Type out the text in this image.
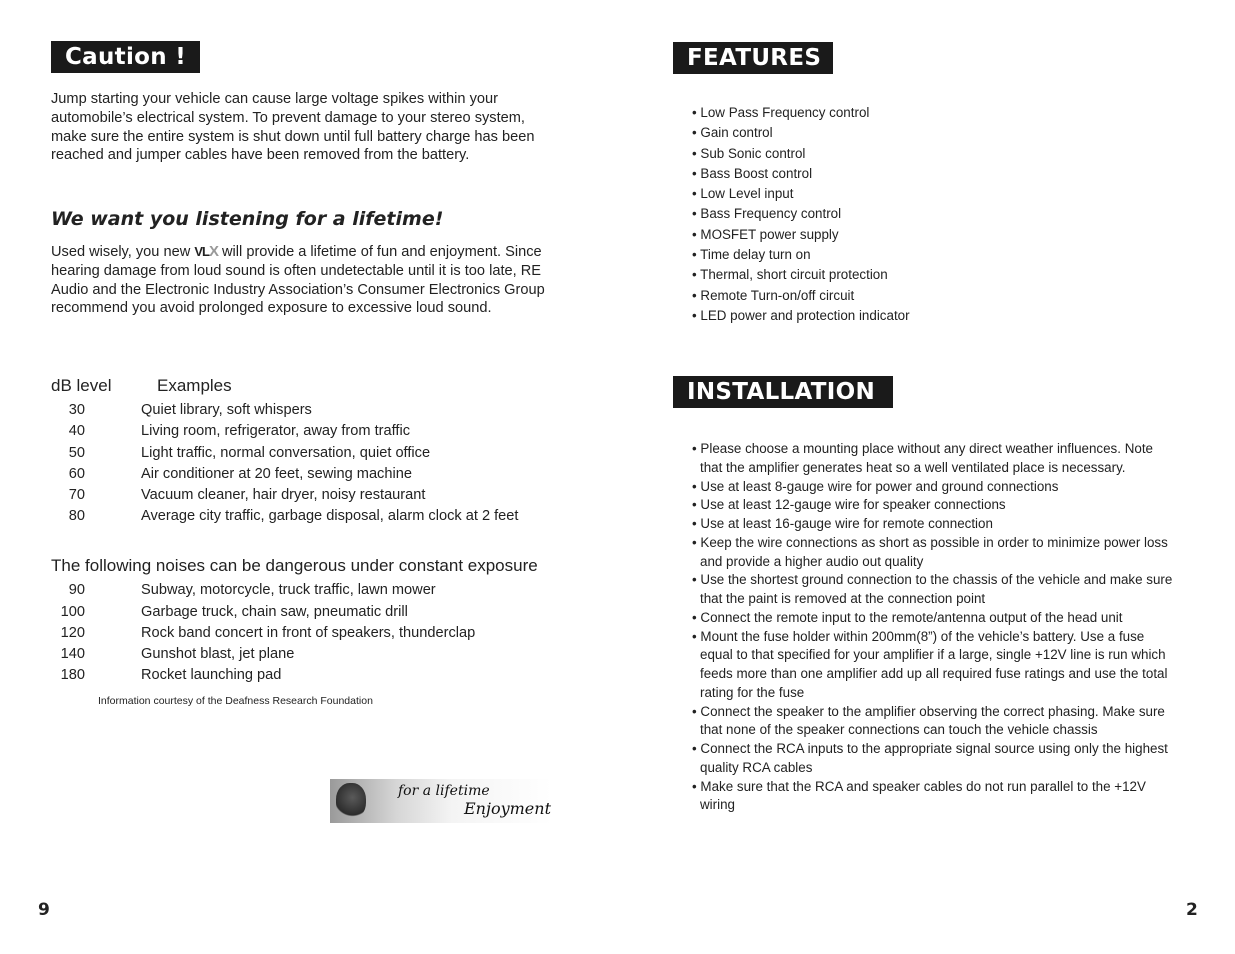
Caution !

Jump starting your vehicle can cause large voltage spikes within your automobile’s electrical system. To prevent damage to your stereo system, make sure the entire system is shut down until full battery charge has been reached and jumper cables have been removed from the battery.

We want you listening for a lifetime!

Used wisely, you new VLX will provide a lifetime of fun and enjoyment. Since hearing damage from loud sound is often undetectable until it is too late, RE Audio and the Electronic Industry Association’s Consumer Electronics Group recommend you avoid prolonged exposure to excessive loud sound.

dB level	Examples
30	Quiet library, soft whispers
40	Living room, refrigerator, away from traffic
50	Light traffic, normal conversation, quiet office
60	Air conditioner at 20 feet, sewing machine
70	Vacuum cleaner, hair dryer, noisy restaurant
80	Average city traffic, garbage disposal, alarm clock at 2 feet
The following noises can be dangerous under constant exposure
90	Subway, motorcycle, truck traffic, lawn mower
100	Garbage truck, chain saw, pneumatic drill
120	Rock band concert in front of speakers, thunderclap
140	Gunshot blast, jet plane
180	Rocket launching pad
Information courtesy of the Deafness Research Foundation
for a lifetime
Enjoyment
9
FEATURES
• Low Pass Frequency control
• Gain control
• Sub Sonic control
• Bass Boost control
• Low Level input
• Bass Frequency control
• MOSFET power supply
• Time delay turn on
• Thermal, short circuit protection
• Remote Turn-on/off circuit
• LED power and protection indicator
INSTALLATION
• Please choose a mounting place without any direct weather influences. Note that the amplifier generates heat so a well ventilated place is necessary.
• Use at least 8-gauge wire for power and ground connections
• Use at least 12-gauge wire for speaker connections
• Use at least 16-gauge wire for remote connection
• Keep the wire connections as short as possible in order to minimize power loss and provide a higher audio out quality
• Use the shortest ground connection to the chassis of the vehicle and make sure that the paint is removed at the connection point
• Connect the remote input to the remote/antenna output of the head unit
• Mount the fuse holder within 200mm(8”) of the vehicle’s battery. Use a fuse equal to that specified for your amplifier if a large, single +12V line is run which feeds more than one amplifier add up all required fuse ratings and use the total rating for the fuse
• Connect the speaker to the amplifier observing the correct phasing. Make sure that none of the speaker connections can touch the vehicle chassis
• Connect the RCA inputs to the appropriate signal source using only the highest quality RCA cables
• Make sure that the RCA and speaker cables do not run parallel to the +12V wiring
2
